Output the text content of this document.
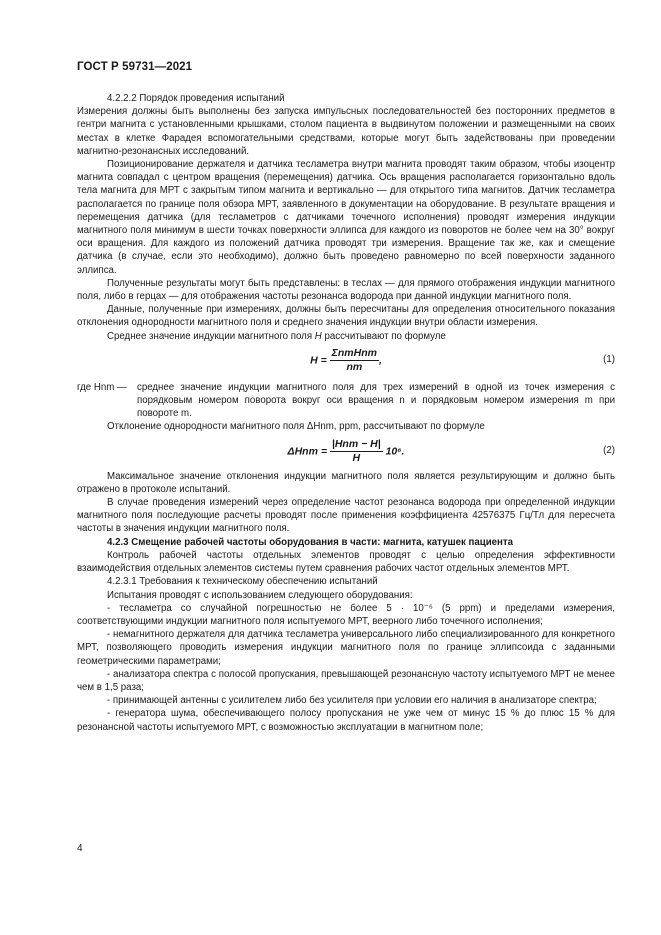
ГОСТ Р 59731—2021

4.2.2.2 Порядок проведения испытаний

Измерения должны быть выполнены без запуска импульсных последовательностей без посторонних предметов в гентри магнита с установленными крышками, столом пациента в выдвинутом положении и размещенными на своих местах в клетке Фарадея вспомогательными средствами, которые могут быть задействованы при проведении магнитно-резонансных исследований.

Позиционирование держателя и датчика тесламетра внутри магнита проводят таким образом, чтобы изоцентр магнита совпадал с центром вращения (перемещения) датчика. Ось вращения располагается горизонтально вдоль тела магнита для МРТ с закрытым типом магнита и вертикально — для открытого типа магнитов. Датчик тесламетра располагается по границе поля обзора МРТ, заявленного в документации на оборудование. В результате вращения и перемещения датчика (для тесламетров с датчиками точечного исполнения) проводят измерения индукции магнитного поля минимум в шести точках поверхности эллипса для каждого из поворотов не более чем на 30° вокруг оси вращения. Для каждого из положений датчика проводят три измерения. Вращение так же, как и смещение датчика (в случае, если это необходимо), должно быть проведено равномерно по всей поверхности заданного эллипса.

Полученные результаты могут быть представлены: в теслах — для прямого отображения индукции магнитного поля, либо в герцах — для отображения частоты резонанса водорода при данной индукции магнитного поля.

Данные, полученные при измерениях, должны быть пересчитаны для определения относительного показания отклонения однородности магнитного поля и среднего значения индукции внутри области измерения.

Среднее значение индукции магнитного поля H рассчитывают по формуле

$H = \frac{\text{ΣnmHnm}}{nm}$ ,	(1)
где Hnm —	среднее значение индукции магнитного поля для трех измерений в одной из точек измерения с порядковым номером поворота вокруг оси вращения n и порядковым номером измерения m при повороте m.

Отклонение однородности магнитного поля ΔHnm, ppm, рассчитывают по формуле

$\Delta Hnm = \frac{\text{|Hnm − H|}}{H} 10^6$.	(2)

Максимальное значение отклонения индукции магнитного поля является результирующим и должно быть отражено в протоколе испытаний.

В случае проведения измерений через определение частот резонанса водорода при определенной индукции магнитного поля последующие расчеты проводят после применения коэффициента 42576375 Гц/Тл для пересчета частоты в значения индукции магнитного поля.

4.2.3 Смещение рабочей частоты оборудования в части: магнита, катушек пациента

Контроль рабочей частоты отдельных элементов проводят с целью определения эффективности взаимодействия отдельных элементов системы путем сравнения рабочих частот отдельных элементов МРТ.

4.2.3.1 Требования к техническому обеспечению испытаний

Испытания проводят с использованием следующего оборудования:

- тесламетра со случайной погрешностью не более 5 · 10⁻⁶ (5 ppm) и пределами измерения, соответствующими индукции магнитного поля испытуемого МРТ, веерного либо точечного исполнения;

- немагнитного держателя для датчика тесламетра универсального либо специализированного для конкретного МРТ, позволяющего проводить измерения индукции магнитного поля по границе эллипсоида с заданными геометрическими параметрами;

- анализатора спектра с полосой пропускания, превышающей резонансную частоту испытуемого МРТ не менее чем в 1,5 раза;

- принимающей антенны с усилителем либо без усилителя при условии его наличия в анализаторе спектра;

- генератора шума, обеспечивающего полосу пропускания не уже чем от минус 15 % до плюс 15 % для резонансной частоты испытуемого МРТ, с возможностью эксплуатации в магнитном поле;

4
